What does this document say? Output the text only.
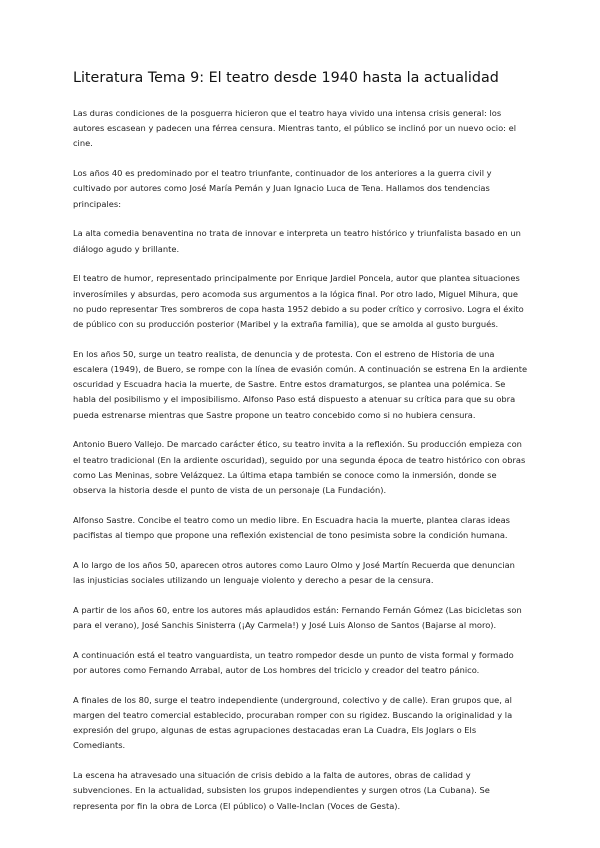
Literatura Tema 9: El teatro desde 1940 hasta la actualidad

Las duras condiciones de la posguerra hicieron que el teatro haya vivido una intensa crisis general: los autores escasean y padecen una férrea censura. Mientras tanto, el público se inclinó por un nuevo ocio: el cine.

Los años 40 es predominado por el teatro triunfante, continuador de los anteriores a la guerra civil y cultivado por autores como José María Pemán y Juan Ignacio Luca de Tena. Hallamos dos tendencias principales:

La alta comedia benaventina no trata de innovar e interpreta un teatro histórico y triunfalista basado en un diálogo agudo y brillante.

El teatro de humor, representado principalmente por Enrique Jardiel Poncela, autor que plantea situaciones inverosímiles y absurdas, pero acomoda sus argumentos a la lógica final. Por otro lado, Miguel Mihura, que no pudo representar Tres sombreros de copa hasta 1952 debido a su poder crítico y corrosivo. Logra el éxito de público con su producción posterior (Maribel y la extraña familia), que se amolda al gusto burgués.

En los años 50, surge un teatro realista, de denuncia y de protesta. Con el estreno de Historia de una escalera (1949), de Buero, se rompe con la línea de evasión común. A continuación se estrena En la ardiente oscuridad y Escuadra hacia la muerte, de Sastre. Entre estos dramaturgos, se plantea una polémica. Se habla del posibilismo y el imposibilismo. Alfonso Paso está dispuesto a atenuar su crítica para que su obra pueda estrenarse mientras que Sastre propone un teatro concebido como si no hubiera censura.

Antonio Buero Vallejo. De marcado carácter ético, su teatro invita a la reflexión. Su producción empieza con el teatro tradicional (En la ardiente oscuridad), seguido por una segunda época de teatro histórico con obras como Las Meninas, sobre Velázquez. La última etapa también se conoce como la inmersión, donde se observa la historia desde el punto de vista de un personaje (La Fundación).

Alfonso Sastre. Concibe el teatro como un medio libre. En Escuadra hacia la muerte, plantea claras ideas pacifistas al tiempo que propone una reflexión existencial de tono pesimista sobre la condición humana.

A lo largo de los años 50, aparecen otros autores como Lauro Olmo y José Martín Recuerda que denuncian las injusticias sociales utilizando un lenguaje violento y derecho a pesar de la censura.

A partir de los años 60, entre los autores más aplaudidos están: Fernando Fernán Gómez (Las bicicletas son para el verano), José Sanchis Sinisterra (¡Ay Carmela!) y José Luis Alonso de Santos (Bajarse al moro).

A continuación está el teatro vanguardista, un teatro rompedor desde un punto de vista formal y formado por autores como Fernando Arrabal, autor de Los hombres del triciclo y creador del teatro pánico.

A finales de los 80, surge el teatro independiente (underground, colectivo y de calle). Eran grupos que, al margen del teatro comercial establecido, procuraban romper con su rigidez. Buscando la originalidad y la expresión del grupo, algunas de estas agrupaciones destacadas eran La Cuadra, Els Joglars o Els Comediants.

La escena ha atravesado una situación de crisis debido a la falta de autores, obras de calidad y subvenciones. En la actualidad, subsisten los grupos independientes y surgen otros (La Cubana). Se representa por fin la obra de Lorca (El público) o Valle-Inclan (Voces de Gesta).
